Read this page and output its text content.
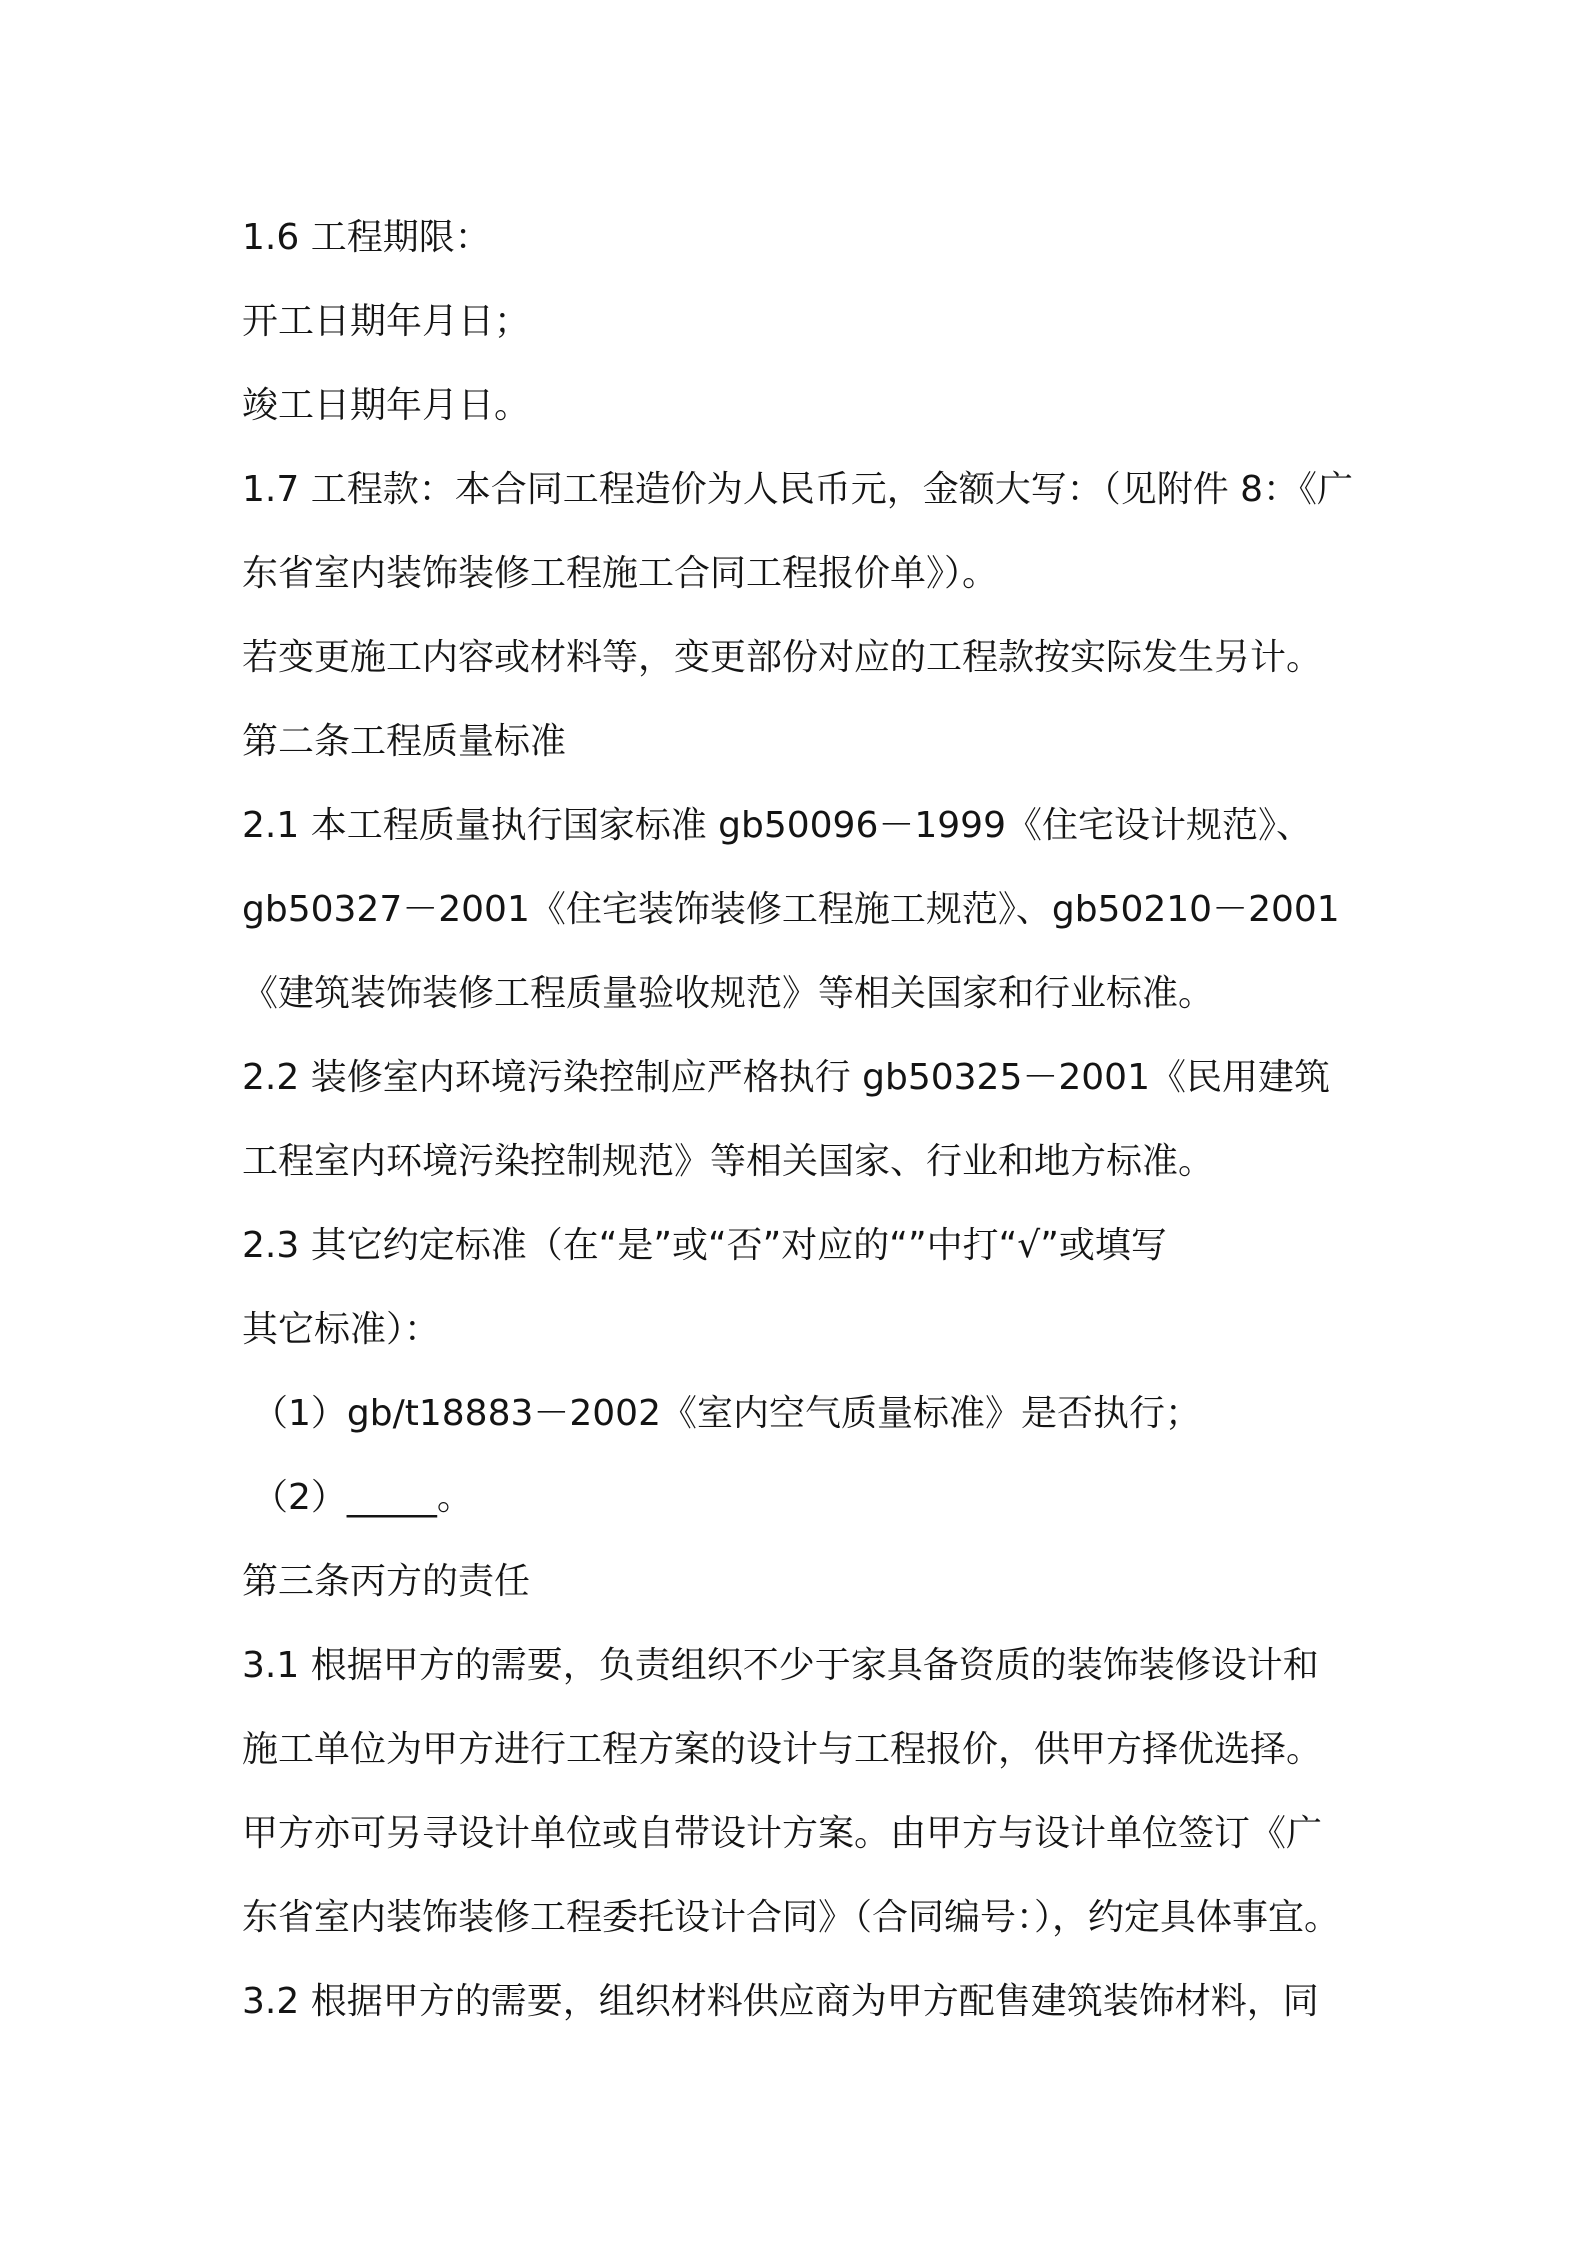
1.6 工程期限：
开工日期年月日；
竣工日期年月日。
1.7 工程款：本合同工程造价为人民币元，金额大写：（见附件 8：《广
东省室内装饰装修工程施工合同工程报价单》）。
若变更施工内容或材料等，变更部份对应的工程款按实际发生另计。
第二条工程质量标准
2.1 本工程质量执行国家标准 gb50096－1999《住宅设计规范》、
gb50327－2001《住宅装饰装修工程施工规范》、gb50210－2001
《建筑装饰装修工程质量验收规范》等相关国家和行业标准。
2.2 装修室内环境污染控制应严格执行 gb50325－2001《民用建筑
工程室内环境污染控制规范》等相关国家、行业和地方标准。
2.3 其它约定标准（在“是”或“否”对应的“”中打“√”或填写
其它标准）：
（1）gb/t18883－2002《室内空气质量标准》是否执行；
（2）_____。
第三条丙方的责任
3.1 根据甲方的需要，负责组织不少于家具备资质的装饰装修设计和
施工单位为甲方进行工程方案的设计与工程报价，供甲方择优选择。
甲方亦可另寻设计单位或自带设计方案。由甲方与设计单位签订《广
东省室内装饰装修工程委托设计合同》（合同编号：），约定具体事宜。
3.2 根据甲方的需要，组织材料供应商为甲方配售建筑装饰材料，同
